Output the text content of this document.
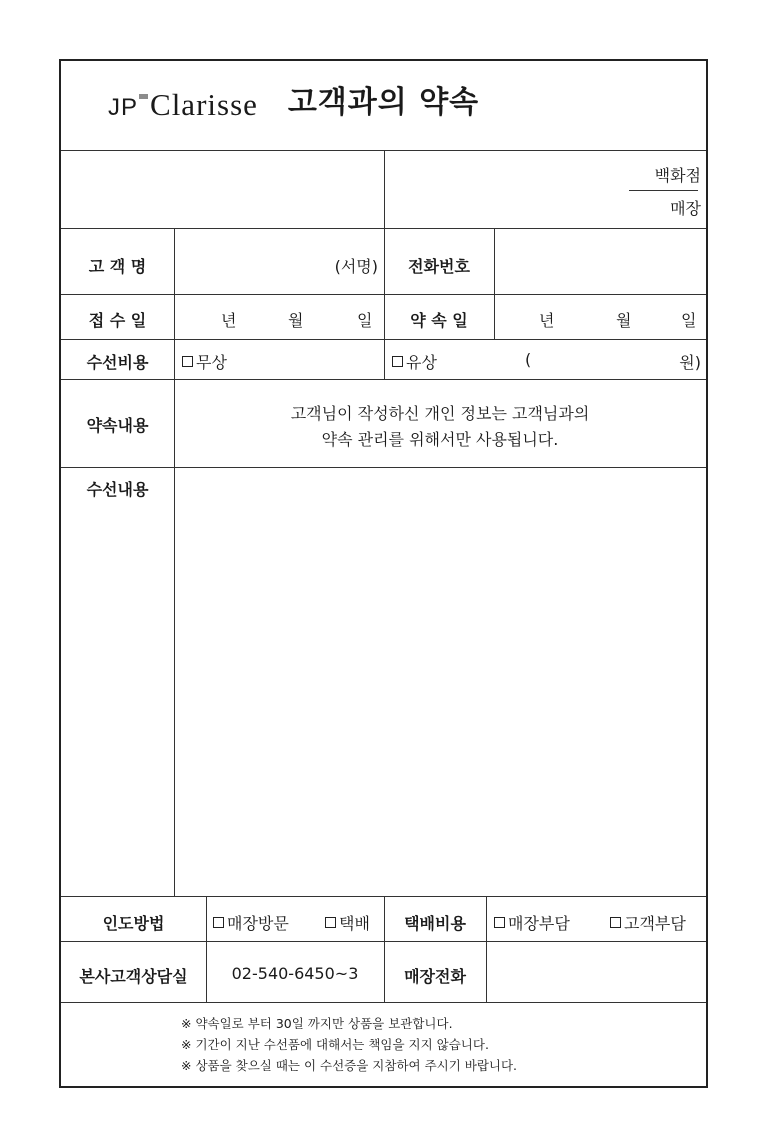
고객과의 약속
JP Clarisse
백화점
매장
고 객 명	(서명)	전화번호
접 수 일	년	월	일	약 속 일	년	월	일
수선비용	무상	유상	(	원)
약속내용
고객님이 작성하신 개인 정보는 고객님과의
약속 관리를 위해서만 사용됩니다.
수선내용
인도방법	매장방문	택배	택배비용	매장부담	고객부담
본사고객상담실	02-540-6450~3	매장전화
※ 약속일로 부터 30일 까지만 상품을 보관합니다.
※ 기간이 지난 수선품에 대해서는 책임을 지지 않습니다.
※ 상품을 찾으실 때는 이 수선증을 지참하여 주시기 바랍니다.
